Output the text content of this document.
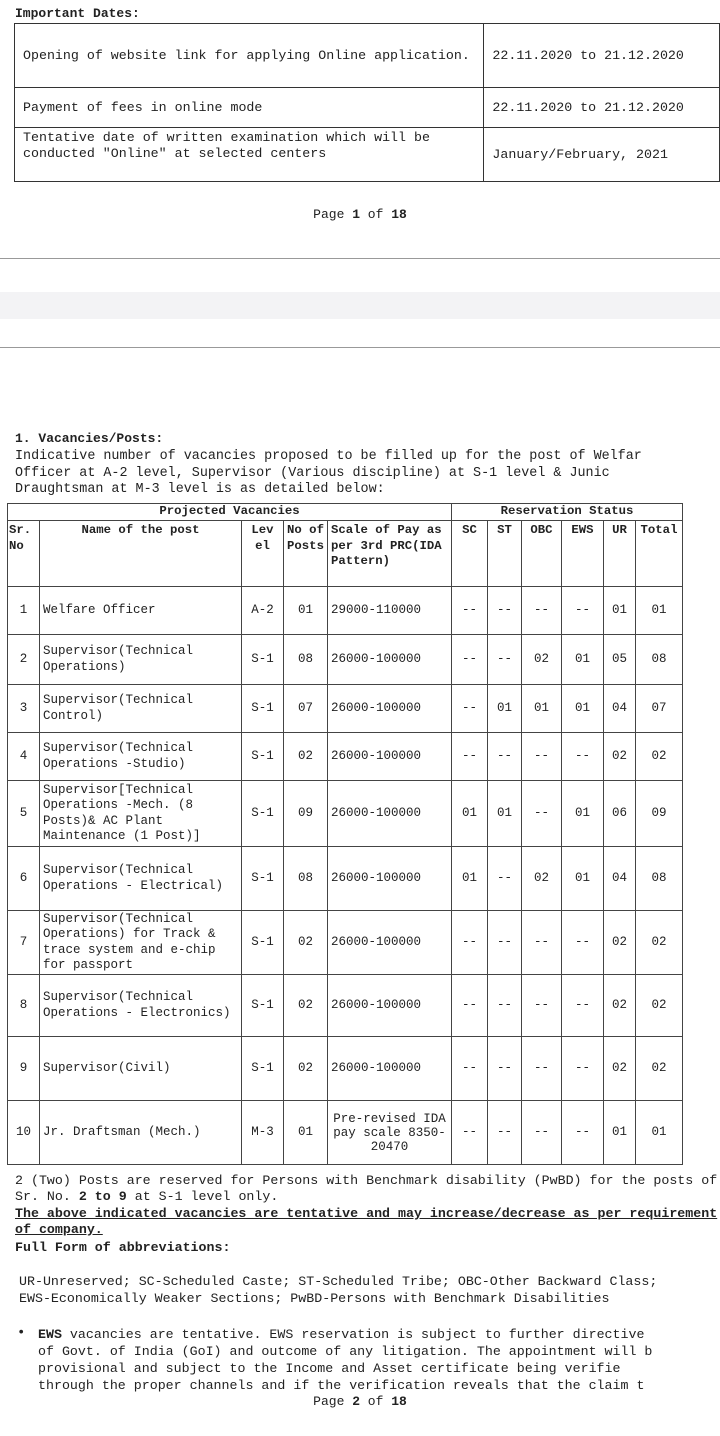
Important Dates:
Opening of website link for applying Online application.	22.11.2020 to 21.12.2020
Payment of fees in online mode	22.11.2020 to 21.12.2020
Tentative date of written examination which will be conducted "Online" at selected centers	January/February, 2021
Page 1 of 18
1. Vacancies/Posts:
Indicative number of vacancies proposed to be filled up for the post of Welfar
Officer at A-2 level, Supervisor (Various discipline) at S-1 level & Junic
Draughtsman at M-3 level is as detailed below:
Projected Vacancies					Reservation Status					
Sr. No	Name of the post	Lev el	No of Posts	Scale of Pay as per 3rd PRC(IDA Pattern)	SC	ST	OBC	EWS	UR	Total
1	Welfare Officer	A-2	01	29000-110000	--	--	--	--	01	01
2	Supervisor(Technical Operations)	S-1	08	26000-100000	--	--	02	01	05	08
3	Supervisor(Technical Control)	S-1	07	26000-100000	--	01	01	01	04	07
4	Supervisor(Technical Operations -Studio)	S-1	02	26000-100000	--	--	--	--	02	02
5	Supervisor[Technical Operations -Mech. (8 Posts)& AC Plant Maintenance (1 Post)]	S-1	09	26000-100000	01	01	--	01	06	09
6	Supervisor(Technical Operations - Electrical)	S-1	08	26000-100000	01	--	02	01	04	08
7	Supervisor(Technical Operations) for Track & trace system and e-chip for passport	S-1	02	26000-100000	--	--	--	--	02	02
8	Supervisor(Technical Operations - Electronics)	S-1	02	26000-100000	--	--	--	--	02	02
9	Supervisor(Civil)	S-1	02	26000-100000	--	--	--	--	02	02
10	Jr. Draftsman (Mech.)	M-3	01	Pre-revised IDA pay scale 8350-20470	--	--	--	--	01	01
2 (Two) Posts are reserved for Persons with Benchmark disability (PwBD) for the posts of Sr. No. 2 to 9 at S-1 level only.
The above indicated vacancies are tentative and may increase/decrease as per requirement of company.
Full Form of abbreviations:
UR-Unreserved; SC-Scheduled Caste; ST-Scheduled Tribe; OBC-Other Backward Class;
EWS-Economically Weaker Sections; PwBD-Persons with Benchmark Disabilities
• EWS vacancies are tentative. EWS reservation is subject to further directive
of Govt. of India (GoI) and outcome of any litigation. The appointment will b
provisional and subject to the Income and Asset certificate being verifie
through the proper channels and if the verification reveals that the claim t
Page 2 of 18
